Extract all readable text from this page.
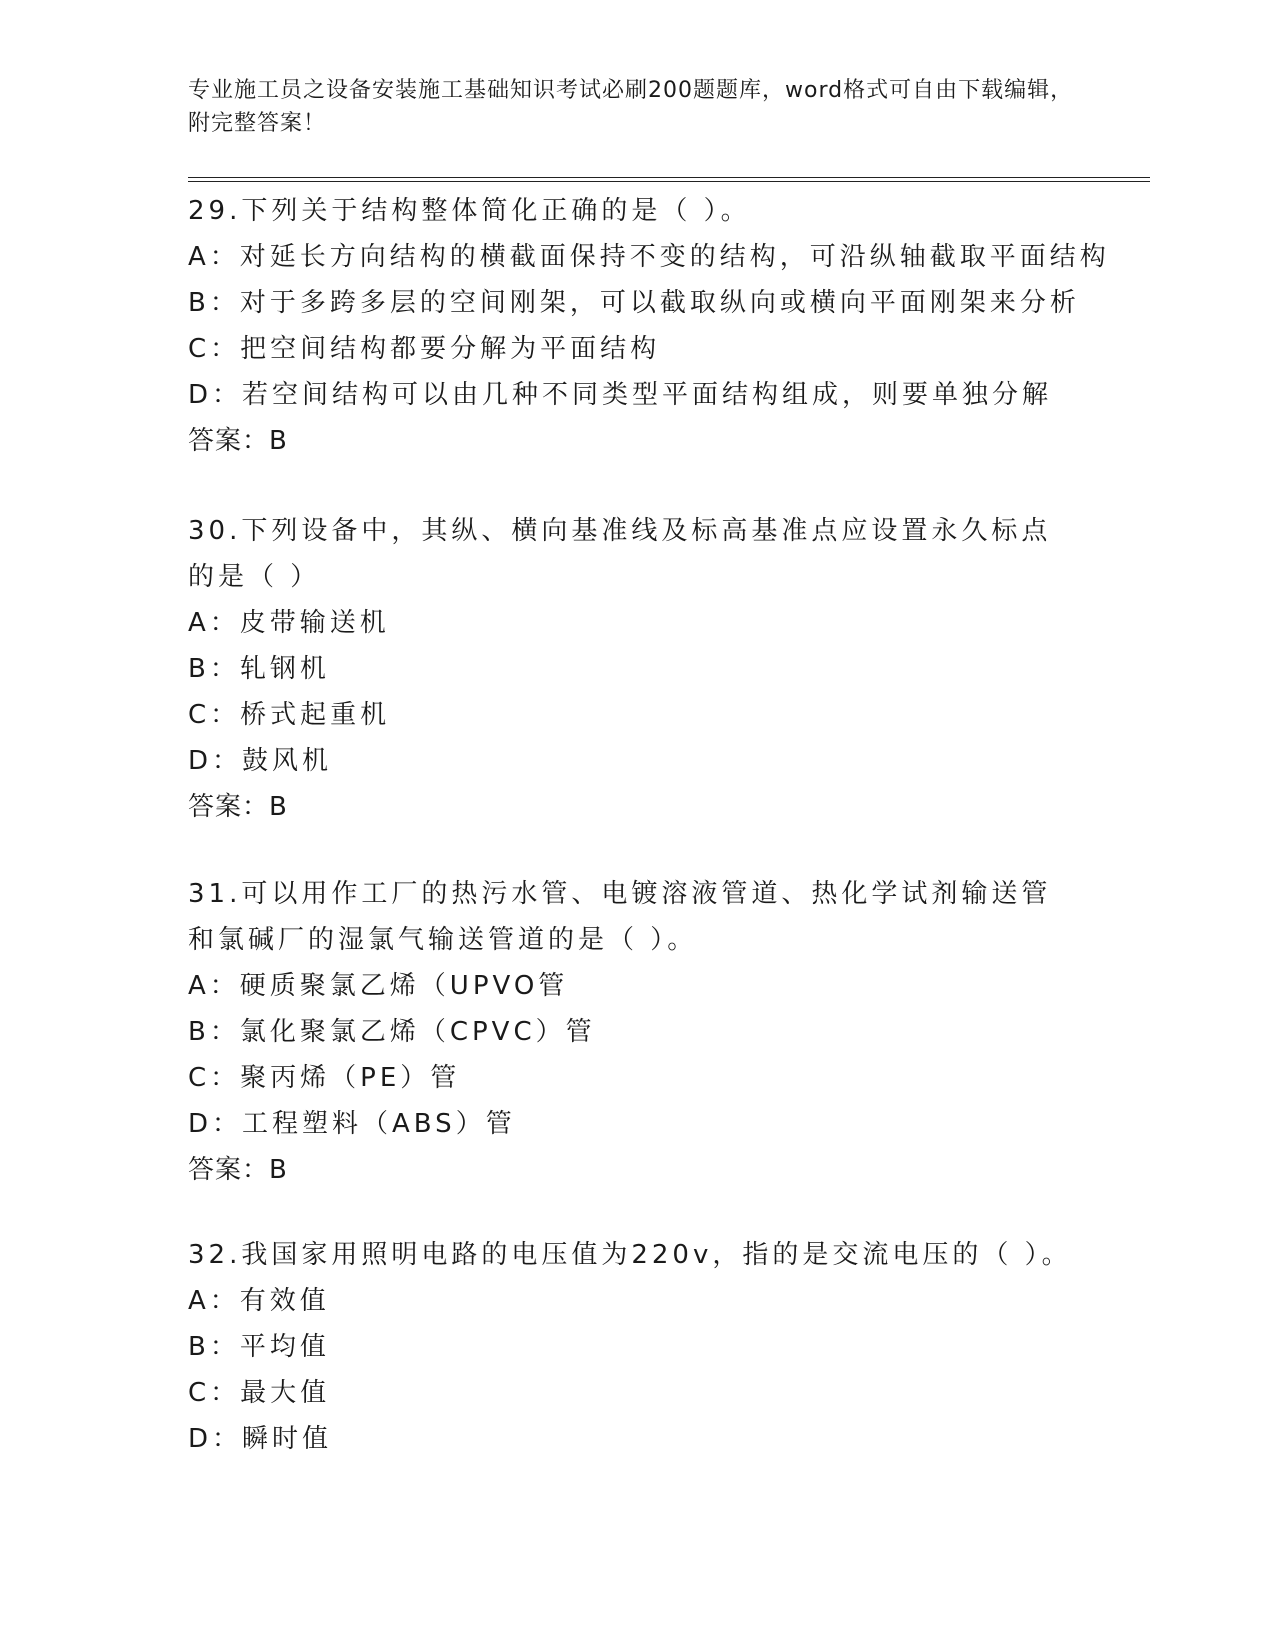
专业施工员之设备安装施工基础知识考试必刷200题题库，word格式可自由下载编辑，附完整答案！
29.下列关于结构整体简化正确的是（ ）。
A：对延长方向结构的横截面保持不变的结构，可沿纵轴截取平面结构
B：对于多跨多层的空间刚架，可以截取纵向或横向平面刚架来分析
C：把空间结构都要分解为平面结构
D：若空间结构可以由几种不同类型平面结构组成，则要单独分解
答案：B
30.下列设备中，其纵、横向基准线及标高基准点应设置永久标点的是（ ）
A：皮带输送机
B：轧钢机
C：桥式起重机
D：鼓风机
答案：B
31.可以用作工厂的热污水管、电镀溶液管道、热化学试剂输送管和氯碱厂的湿氯气输送管道的是（ ）。
A：硬质聚氯乙烯（UPVO管
B：氯化聚氯乙烯（CPVC）管
C：聚丙烯（PE）管
D：工程塑料（ABS）管
答案：B
32.我国家用照明电路的电压值为220v，指的是交流电压的（ ）。
A：有效值
B：平均值
C：最大值
D：瞬时值
